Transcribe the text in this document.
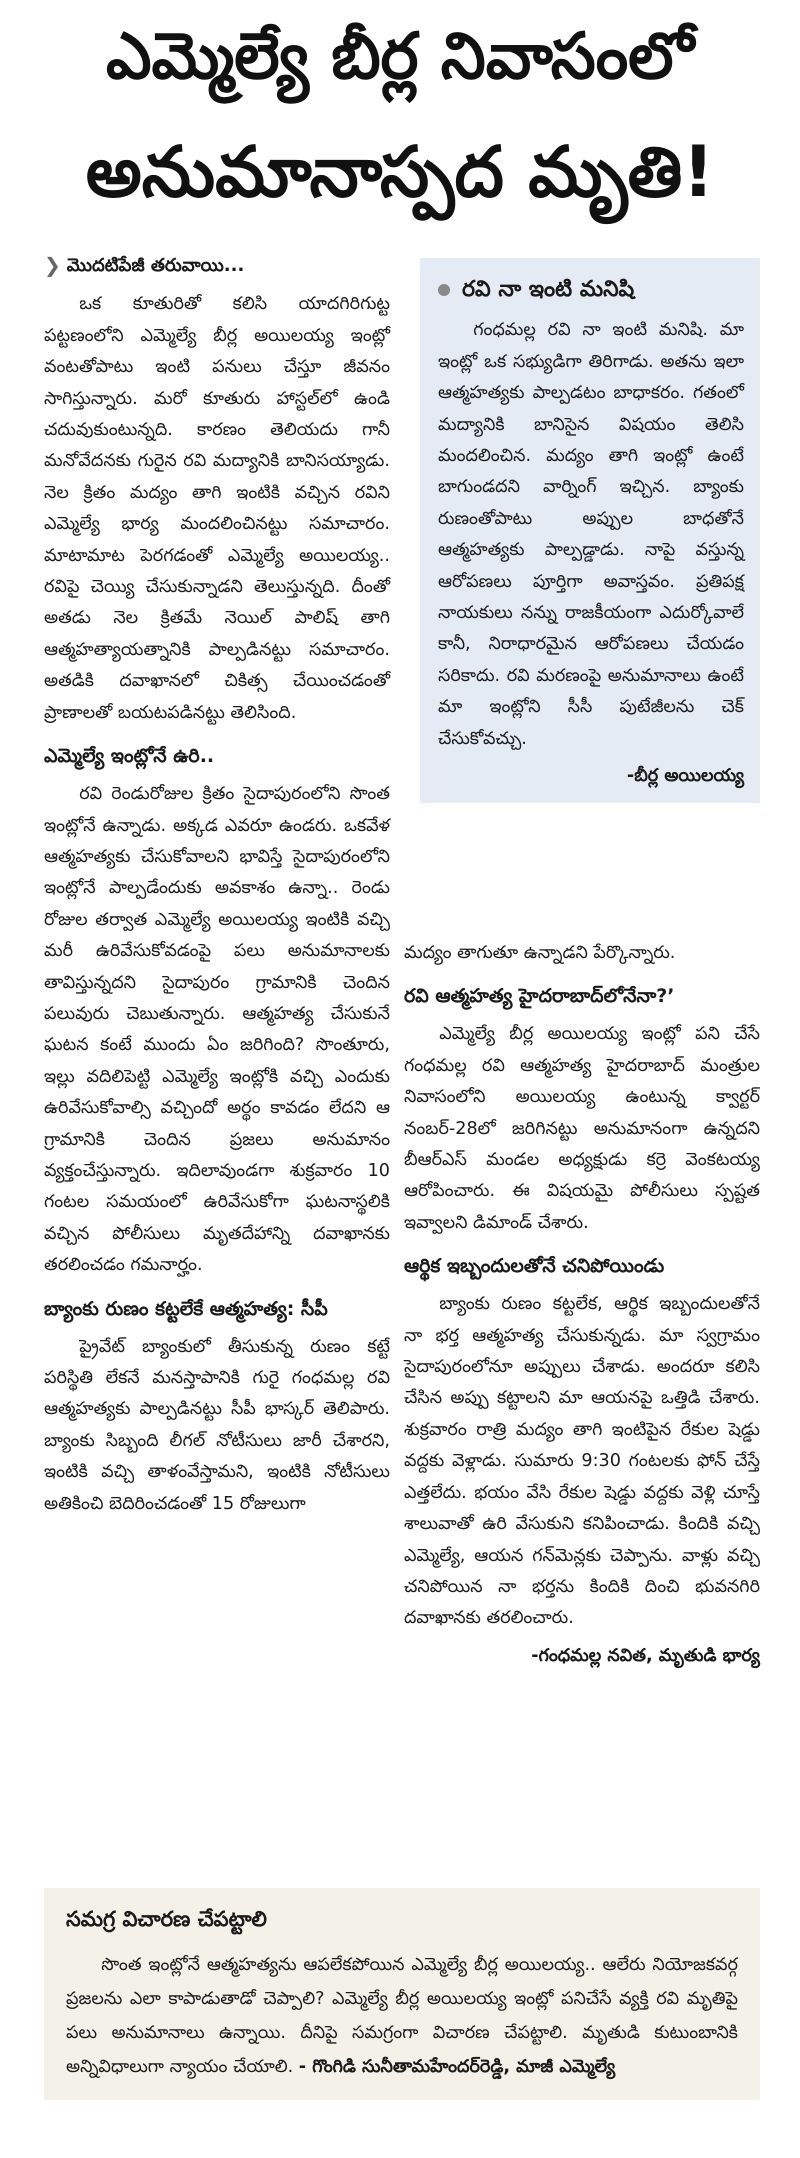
ఎమ్మెల్యే బీర్ల నివాసంలో
అనుమానాస్పద మృతి!
❯ మొదటిపేజీ తరువాయి...

ఒక కూతురితో కలిసి యాదగిరిగుట్ట పట్టణంలోని ఎమ్మెల్యే బీర్ల అయిలయ్య ఇంట్లో వంటతోపాటు ఇంటి పనులు చేస్తూ జీవనం సాగిస్తున్నారు. మరో కూతురు హాస్టల్‌లో ఉండి చదువుకుంటున్నది. కారణం తెలియదు గానీ మనోవేదనకు గురైన రవి మద్యానికి బానిసయ్యాడు. నెల క్రితం మద్యం తాగి ఇంటికి వచ్చిన రవిని ఎమ్మెల్యే భార్య మందలించినట్టు సమాచారం. మాటామాట పెరగడంతో ఎమ్మెల్యే అయిలయ్య.. రవిపై చెయ్యి చేసుకున్నాడని తెలుస్తున్నది. దీంతో అతడు నెల క్రితమే నెయిల్ పాలిష్ తాగి ఆత్మహత్యాయత్నానికి పాల్పడినట్టు సమాచారం. అతడికి దవాఖానలో చికిత్స చేయించడంతో ప్రాణాలతో బయటపడినట్టు తెలిసింది.

ఎమ్మెల్యే ఇంట్లోనే ఉరి..

రవి రెండురోజుల క్రితం సైదాపురంలోని సొంత ఇంట్లోనే ఉన్నాడు. అక్కడ ఎవరూ ఉండరు. ఒకవేళ ఆత్మహత్యకు చేసుకోవాలని భావిస్తే సైదాపురంలోని ఇంట్లోనే పాల్పడేందుకు అవకాశం ఉన్నా.. రెండు రోజుల తర్వాత ఎమ్మెల్యే అయిలయ్య ఇంటికి వచ్చి మరీ ఉరివేసుకోవడంపై పలు అనుమానాలకు తావిస్తున్నదని సైదాపురం గ్రామానికి చెందిన పలువురు చెబుతున్నారు. ఆత్మహత్య చేసుకునే ఘటన కంటే ముందు ఏం జరిగింది? సొంతూరు, ఇల్లు వదిలిపెట్టి ఎమ్మెల్యే ఇంట్లోకి వచ్చి ఎందుకు ఉరివేసుకోవాల్సి వచ్చిందో అర్థం కావడం లేదని ఆ గ్రామానికి చెందిన ప్రజలు అనుమానం వ్యక్తంచేస్తున్నారు. ఇదిలావుండగా శుక్రవారం 10 గంటల సమయంలో ఉరివేసుకోగా ఘటనాస్థలికి వచ్చిన పోలీసులు మృతదేహాన్ని దవాఖానకు తరలించడం గమనార్హం.

బ్యాంకు రుణం కట్టలేకే ఆత్మహత్య: సీపీ

ప్రైవేట్ బ్యాంకులో తీసుకున్న రుణం కట్టే పరిస్థితి లేకనే మనస్తాపానికి గురై గంధమల్ల రవి ఆత్మహత్యకు పాల్పడినట్టు సీపీ భాస్కర్ తెలిపారు. బ్యాంకు సిబ్బంది లీగల్ నోటీసులు జారీ చేశారని, ఇంటికి వచ్చి తాళంవేస్తామని, ఇంటికి నోటీసులు అతికించి బెదిరించడంతో 15 రోజులుగా

రవి నా ఇంటి మనిషి

గంధమల్ల రవి నా ఇంటి మనిషి. మా ఇంట్లో ఒక సభ్యుడిగా తిరిగాడు. అతను ఇలా ఆత్మహత్యకు పాల్పడటం బాధాకరం. గతంలో మద్యానికి బానిసైన విషయం తెలిసి మందలించిన. మద్యం తాగి ఇంట్లో ఉంటే బాగుండదని వార్నింగ్ ఇచ్చిన. బ్యాంకు రుణంతోపాటు అప్పుల బాధతోనే ఆత్మహత్యకు పాల్పడ్డాడు. నాపై వస్తున్న ఆరోపణలు పూర్తిగా అవాస్తవం. ప్రతిపక్ష నాయకులు నన్ను రాజకీయంగా ఎదుర్కోవాలే కానీ, నిరాధారమైన ఆరోపణలు చేయడం సరికాదు. రవి మరణంపై అనుమానాలు ఉంటే మా ఇంట్లోని సీసీ పుటేజీలను చెక్ చేసుకోవచ్చు.

-బీర్ల అయిలయ్య
మద్యం తాగుతూ ఉన్నాడని పేర్కొన్నారు.
రవి ఆత్మహత్య హైదరాబాద్‌లోనేనా?’

ఎమ్మెల్యే బీర్ల అయిలయ్య ఇంట్లో పని చేసే గంధమల్ల రవి ఆత్మహత్య హైదరాబాద్ మంత్రుల నివాసంలోని అయిలయ్య ఉంటున్న క్వార్టర్ నంబర్-28లో జరిగినట్టు అనుమానంగా ఉన్నదని బీఆర్‌ఎస్ మండల అధ్యక్షుడు కర్రె వెంకటయ్య ఆరోపించారు. ఈ విషయమై పోలీసులు స్పష్టత ఇవ్వాలని డిమాండ్ చేశారు.

ఆర్థిక ఇబ్బందులతోనే చనిపోయిండు

బ్యాంకు రుణం కట్టలేక, ఆర్థిక ఇబ్బందులతోనే నా భర్త ఆత్మహత్య చేసుకున్నడు. మా స్వగ్రామం సైదాపురంలోనూ అప్పులు చేశాడు. అందరూ కలిసి చేసిన అప్పు కట్టాలని మా ఆయనపై ఒత్తిడి చేశారు. శుక్రవారం రాత్రి మద్యం తాగి ఇంటిపైన రేకుల షెడ్డు వద్దకు వెళ్లాడు. సుమారు 9:30 గంటలకు ఫోన్ చేస్తే ఎత్తలేదు. భయం వేసి రేకుల షెడ్డు వద్దకు వెళ్లి చూస్తే శాలువాతో ఉరి వేసుకుని కనిపించాడు. కిందికి వచ్చి ఎమ్మెల్యే, ఆయన గన్‌మెన్లకు చెప్పాను. వాళ్లు వచ్చి చనిపోయిన నా భర్తను కిందికి దించి భువనగిరి దవాఖానకు తరలించారు.

-గంధమల్ల నవిత, మృతుడి భార్య
సమగ్ర విచారణ చేపట్టాలి

సొంత ఇంట్లోనే ఆత్మహత్యను ఆపలేకపోయిన ఎమ్మెల్యే బీర్ల అయిలయ్య.. ఆలేరు నియోజకవర్గ ప్రజలను ఎలా కాపాడుతాడో చెప్పాలి? ఎమ్మెల్యే బీర్ల అయిలయ్య ఇంట్లో పనిచేసే వ్యక్తి రవి మృతిపై పలు అనుమానాలు ఉన్నాయి. దీనిపై సమగ్రంగా విచారణ చేపట్టాలి. మృతుడి కుటుంబానికి అన్నివిధాలుగా న్యాయం చేయాలి. - గొంగిడి సునీతామహేందర్‌రెడ్డి, మాజీ ఎమ్మెల్యే
